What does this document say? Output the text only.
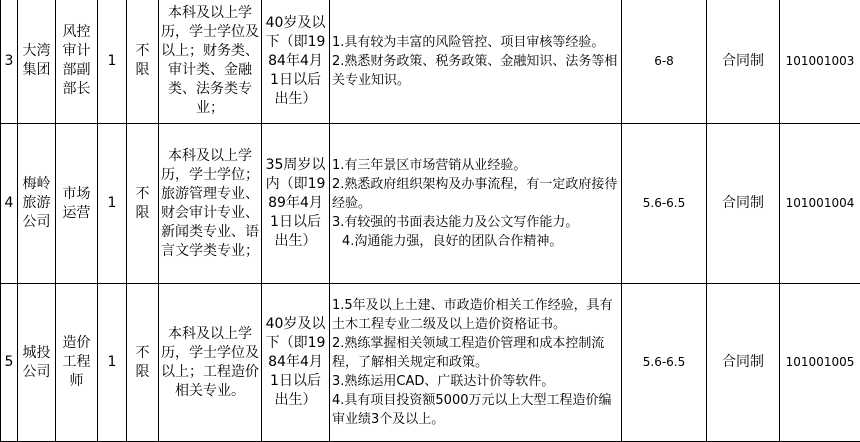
3	大湾集团	风控审计部副部长	1	不限	本科及以上学历，学士学位及以上；财务类、审计类、金融类、法务类专业；	40岁及以下（即1984年4月1日以后出生）	1.具有较为丰富的风险管控、项目审核等经验。
2.熟悉财务政策、税务政策、金融知识、法务等相关专业知识。	6-8	合同制	101001003
4	梅岭旅游公司	市场运营	1	不限	本科及以上学历，学士学位；旅游管理专业、财会审计专业、新闻类专业、语言文学类专业；	35周岁以内（即1989年4月1日以后出生）	1.有三年景区市场营销从业经验。
2.熟悉政府组织架构及办事流程，有一定政府接待经验。
3.有较强的书面表达能力及公文写作能力。
4.沟通能力强，良好的团队合作精神。	5.6-6.5	合同制	101001004
5	城投公司	造价工程师	1	不限	本科及以上学历，学士学位及以上；工程造价相关专业。	40岁及以下（即1984年4月1日以后出生）	1.5年及以上土建、市政造价相关工作经验，具有土木工程专业二级及以上造价资格证书。
2.熟练掌握相关领域工程造价管理和成本控制流程，了解相关规定和政策。
3.熟练运用CAD、广联达计价等软件。
4.具有项目投资额5000万元以上大型工程造价编审业绩3个及以上。	5.6-6.5	合同制	101001005
